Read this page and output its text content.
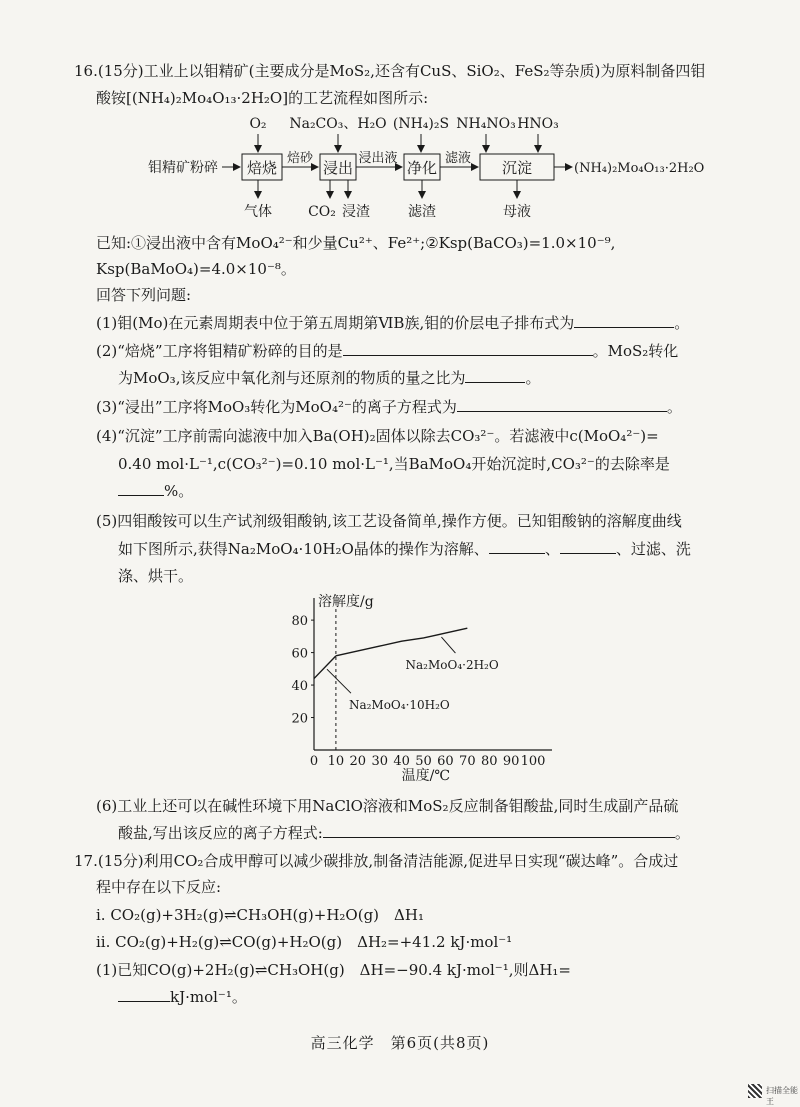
16.(15分)工业上以钼精矿(主要成分是MoS₂,还含有CuS、SiO₂、FeS₂等杂质)为原料制备四钼
酸铵[(NH₄)₂Mo₄O₁₃·2H₂O]的工艺流程如图所示:
O₂ Na₂CO₃、H₂O (NH₄)₂S NH₄NO₃ HNO₃
钼精矿粉碎 焙烧
焙砂
浸出
浸出液
净化
滤液
沉淀	(NH₄)₂Mo₄O₁₃·2H₂O
气体	CO₂ 浸渣	滤渣	母液
已知:①浸出液中含有MoO₄²⁻和少量Cu²⁺、Fe²⁺;②Ksp(BaCO₃)=1.0×10⁻⁹,
Ksp(BaMoO₄)=4.0×10⁻⁸。
回答下列问题:
(1)钼(Mo)在元素周期表中位于第五周期第ⅥB族,钼的价层电子排布式为	。
(2)“焙烧”工序将钼精矿粉碎的目的是	。MoS₂转化
为MoO₃,该反应中氧化剂与还原剂的物质的量之比为	。
(3)“浸出”工序将MoO₃转化为MoO₄²⁻的离子方程式为	。
(4)“沉淀”工序前需向滤液中加入Ba(OH)₂固体以除去CO₃²⁻。若滤液中c(MoO₄²⁻)=
0.40 mol·L⁻¹,c(CO₃²⁻)=0.10 mol·L⁻¹,当BaMoO₄开始沉淀时,CO₃²⁻的去除率是
%。
(5)四钼酸铵可以生产试剂级钼酸钠,该工艺设备简单,操作方便。已知钼酸钠的溶解度曲线
如下图所示,获得Na₂MoO₄·10H₂O晶体的操作为溶解、	、	、过滤、洗
涤、烘干。
溶解度/g
温度/℃
0 10 20 30 40 50 60 70 80 90 100
20
40
60
80
Na₂MoO₄·2H₂O
Na₂MoO₄·10H₂O
(6)工业上还可以在碱性环境下用NaClO溶液和MoS₂反应制备钼酸盐,同时生成副产品硫
酸盐,写出该反应的离子方程式:	。
17.(15分)利用CO₂合成甲醇可以减少碳排放,制备清洁能源,促进早日实现“碳达峰”。合成过
程中存在以下反应:
i. CO₂(g)+3H₂(g)⇌CH₃OH(g)+H₂O(g)　ΔH₁
ii. CO₂(g)+H₂(g)⇌CO(g)+H₂O(g)　ΔH₂=+41.2 kJ·mol⁻¹
(1)已知CO(g)+2H₂(g)⇌CH₃OH(g)　ΔH=−90.4 kJ·mol⁻¹,则ΔH₁=
kJ·mol⁻¹。
高三化学　第6页(共8页)
扫描全能王
